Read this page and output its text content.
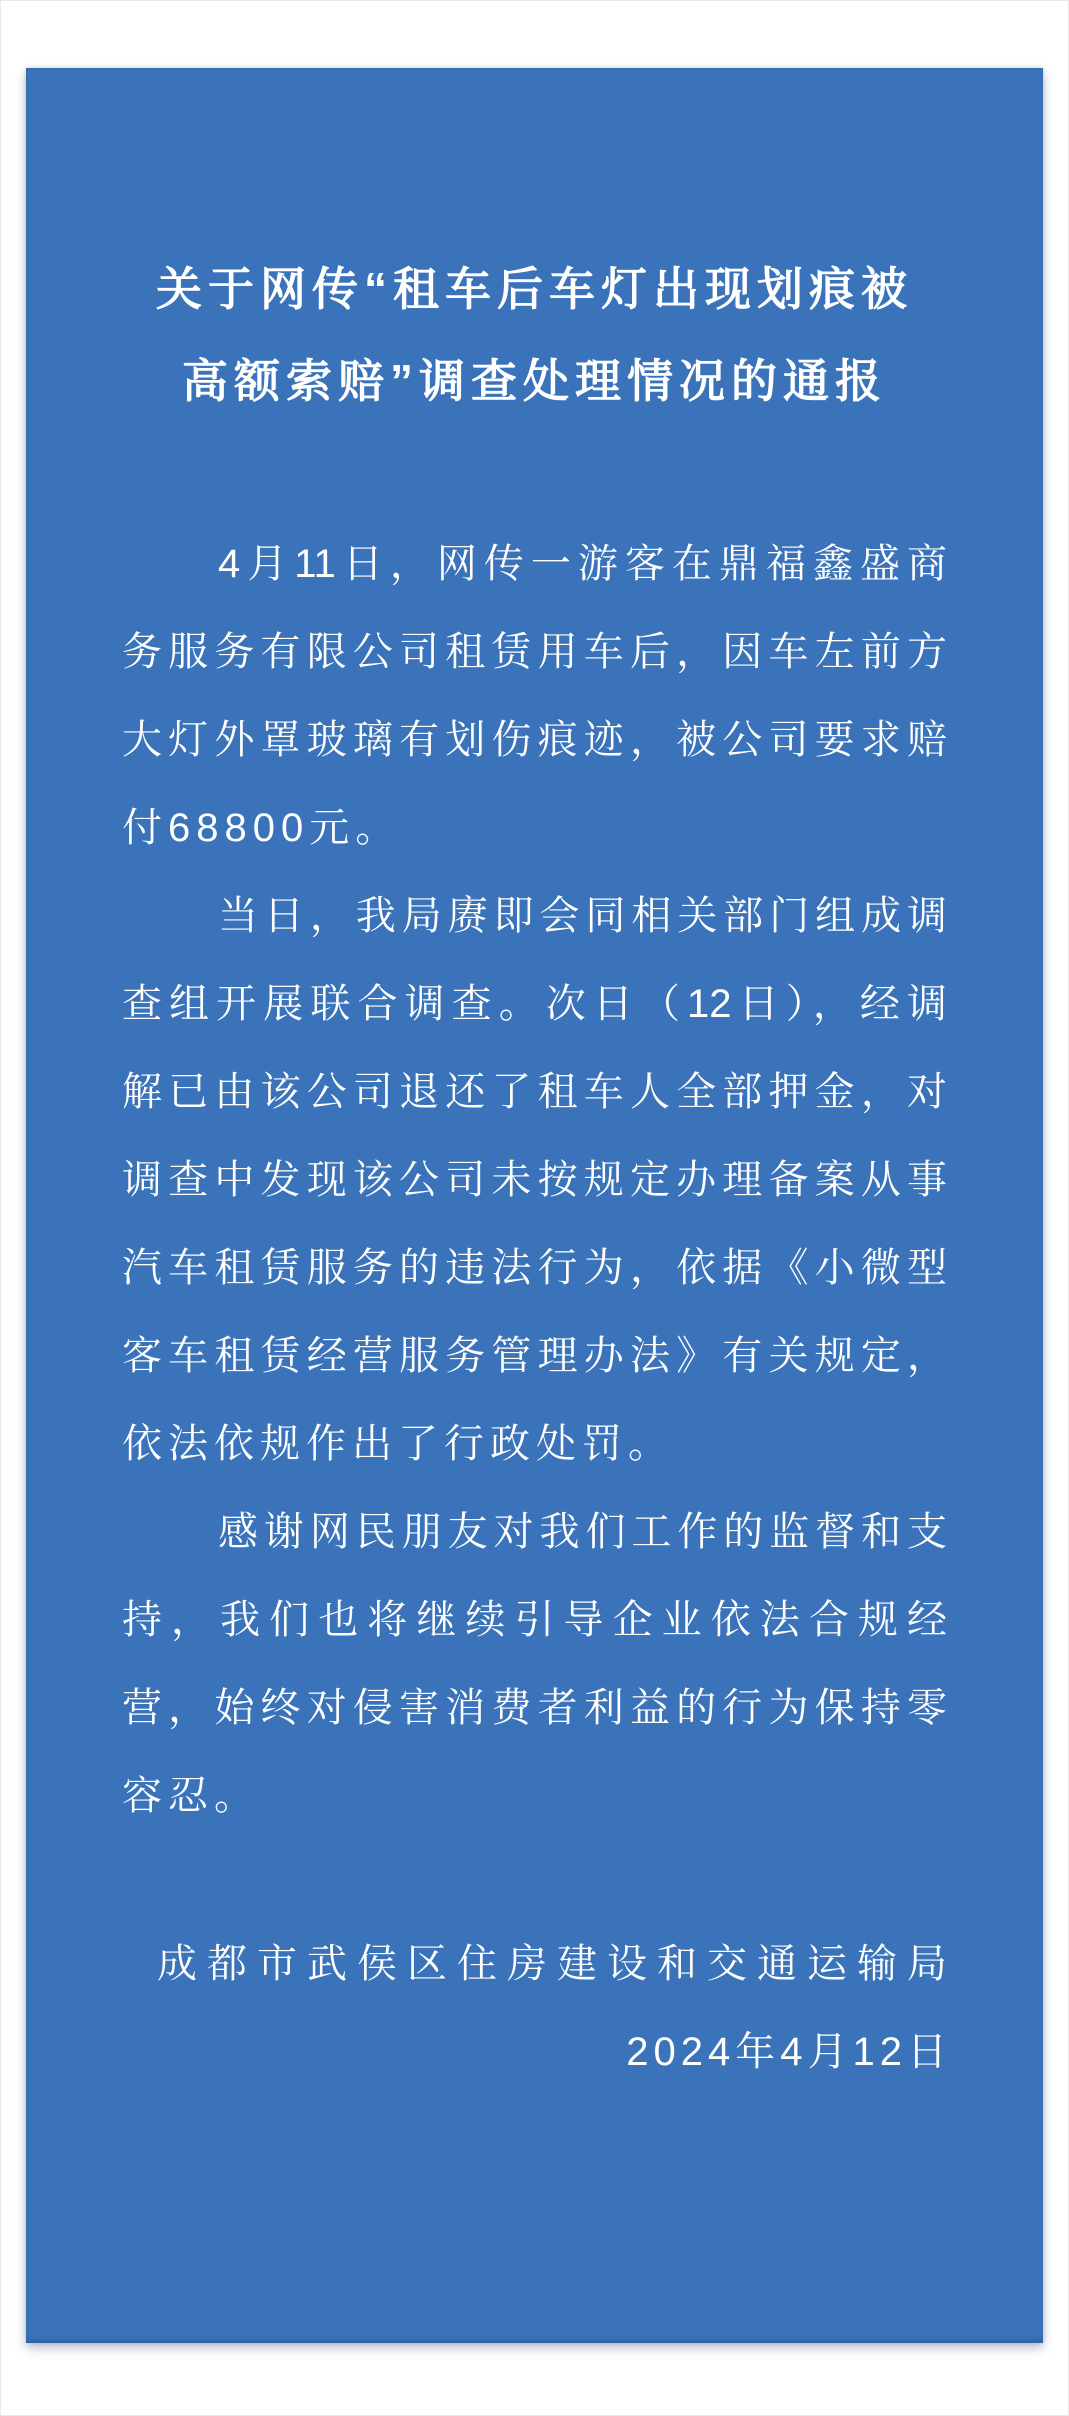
关于网传“租车后车灯出现划痕被
高额索赔”调查处理情况的通报

4月11日，网传一游客在鼎福鑫盛商
务服务有限公司租赁用车后，因车左前方
大灯外罩玻璃有划伤痕迹，被公司要求赔
付68800元。

当日，我局赓即会同相关部门组成调
查组开展联合调查。次日（12日），经调
解已由该公司退还了租车人全部押金，对
调查中发现该公司未按规定办理备案从事
汽车租赁服务的违法行为，依据《小微型
客车租赁经营服务管理办法》有关规定，
依法依规作出了行政处罚。

感谢网民朋友对我们工作的监督和支
持，我们也将继续引导企业依法合规经
营，始终对侵害消费者利益的行为保持零
容忍。

成都市武侯区住房建设和交通运输局
2024年4月12日
